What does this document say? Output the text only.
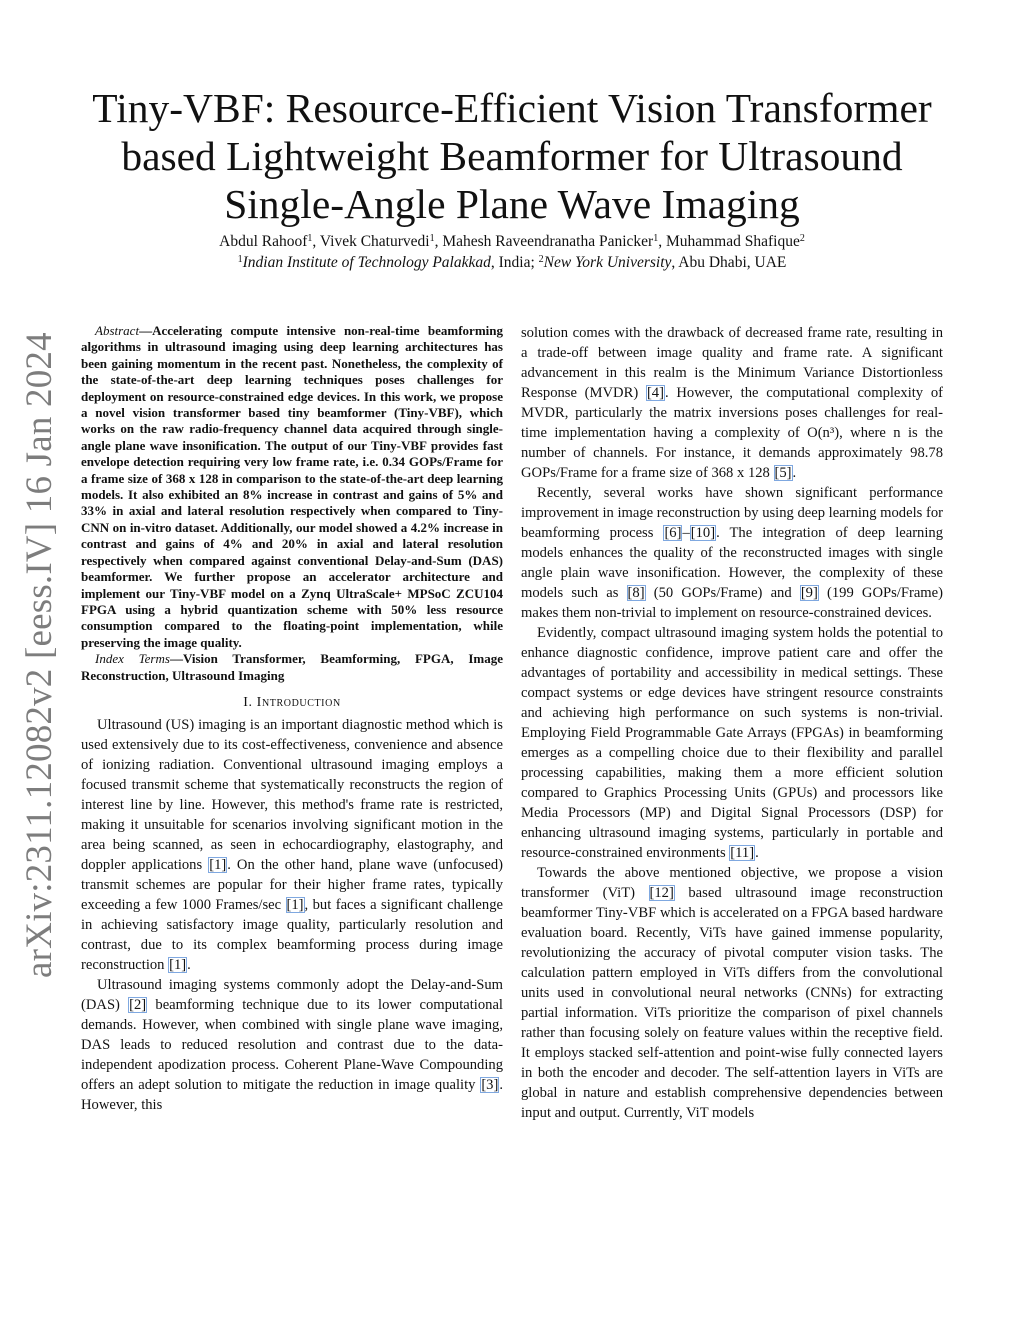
arXiv:2311.12082v2 [eess.IV] 16 Jan 2024
Tiny-VBF: Resource-Efficient Vision Transformer
based Lightweight Beamformer for Ultrasound
Single-Angle Plane Wave Imaging
Abdul Rahoof$^1$, Vivek Chaturvedi$^1$, Mahesh Raveendranatha Panicker$^1$, Muhammad Shafique$^2$
$^1$Indian Institute of Technology Palakkad, India; $^2$New York University, Abu Dhabi, UAE

Abstract—Accelerating compute intensive non-real-time beamforming algorithms in ultrasound imaging using deep learning architectures has been gaining momentum in the recent past. Nonetheless, the complexity of the state-of-the-art deep learning techniques poses challenges for deployment on resource-constrained edge devices. In this work, we propose a novel vision transformer based tiny beamformer (Tiny-VBF), which works on the raw radio-frequency channel data acquired through single-angle plane wave insonification. The output of our Tiny-VBF provides fast envelope detection requiring very low frame rate, i.e. 0.34 GOPs/Frame for a frame size of 368 x 128 in comparison to the state-of-the-art deep learning models. It also exhibited an 8% increase in contrast and gains of 5% and 33% in axial and lateral resolution respectively when compared to Tiny-CNN on in-vitro dataset. Additionally, our model showed a 4.2% increase in contrast and gains of 4% and 20% in axial and lateral resolution respectively when compared against conventional Delay-and-Sum (DAS) beamformer. We further propose an accelerator architecture and implement our Tiny-VBF model on a Zynq UltraScale+ MPSoC ZCU104 FPGA using a hybrid quantization scheme with 50% less resource consumption compared to the floating-point implementation, while preserving the image quality.

Index Terms—Vision Transformer, Beamforming, FPGA, Image Reconstruction, Ultrasound Imaging

I. Introduction

Ultrasound (US) imaging is an important diagnostic method which is used extensively due to its cost-effectiveness, convenience and absence of ionizing radiation. Conventional ultrasound imaging employs a focused transmit scheme that systematically reconstructs the region of interest line by line. However, this method's frame rate is restricted, making it unsuitable for scenarios involving significant motion in the area being scanned, as seen in echocardiography, elastography, and doppler applications [1]. On the other hand, plane wave (unfocused) transmit schemes are popular for their higher frame rates, typically exceeding a few 1000 Frames/sec [1], but faces a significant challenge in achieving satisfactory image quality, particularly resolution and contrast, due to its complex beamforming process during image reconstruction [1].

Ultrasound imaging systems commonly adopt the Delay-and-Sum (DAS) [2] beamforming technique due to its lower computational demands. However, when combined with single plane wave imaging, DAS leads to reduced resolution and contrast due to the data-independent apodization process. Coherent Plane-Wave Compounding offers an adept solution to mitigate the reduction in image quality [3]. However, this

solution comes with the drawback of decreased frame rate, resulting in a trade-off between image quality and frame rate. A significant advancement in this realm is the Minimum Variance Distortionless Response (MVDR) [4]. However, the computational complexity of MVDR, particularly the matrix inversions poses challenges for real-time implementation having a complexity of O(n³), where n is the number of channels. For instance, it demands approximately 98.78 GOPs/Frame for a frame size of 368 x 128 [5].

Recently, several works have shown significant performance improvement in image reconstruction by using deep learning models for beamforming process [6]–[10]. The integration of deep learning models enhances the quality of the reconstructed images with single angle plain wave insonification. However, the complexity of these models such as [8] (50 GOPs/Frame) and [9] (199 GOPs/Frame) makes them non-trivial to implement on resource-constrained devices.

Evidently, compact ultrasound imaging system holds the potential to enhance diagnostic confidence, improve patient care and offer the advantages of portability and accessibility in medical settings. These compact systems or edge devices have stringent resource constraints and achieving high performance on such systems is non-trivial. Employing Field Programmable Gate Arrays (FPGAs) in beamforming emerges as a compelling choice due to their flexibility and parallel processing capabilities, making them a more efficient solution compared to Graphics Processing Units (GPUs) and processors like Media Processors (MP) and Digital Signal Processors (DSP) for enhancing ultrasound imaging systems, particularly in portable and resource-constrained environments [11].

Towards the above mentioned objective, we propose a vision transformer (ViT) [12] based ultrasound image reconstruction beamformer Tiny-VBF which is accelerated on a FPGA based hardware evaluation board. Recently, ViTs have gained immense popularity, revolutionizing the accuracy of pivotal computer vision tasks. The calculation pattern employed in ViTs differs from the convolutional units used in convolutional neural networks (CNNs) for extracting partial information. ViTs prioritize the comparison of pixel channels rather than focusing solely on feature values within the receptive field. It employs stacked self-attention and point-wise fully connected layers in both the encoder and decoder. The self-attention layers in ViTs are global in nature and establish comprehensive dependencies between input and output. Currently, ViT models
